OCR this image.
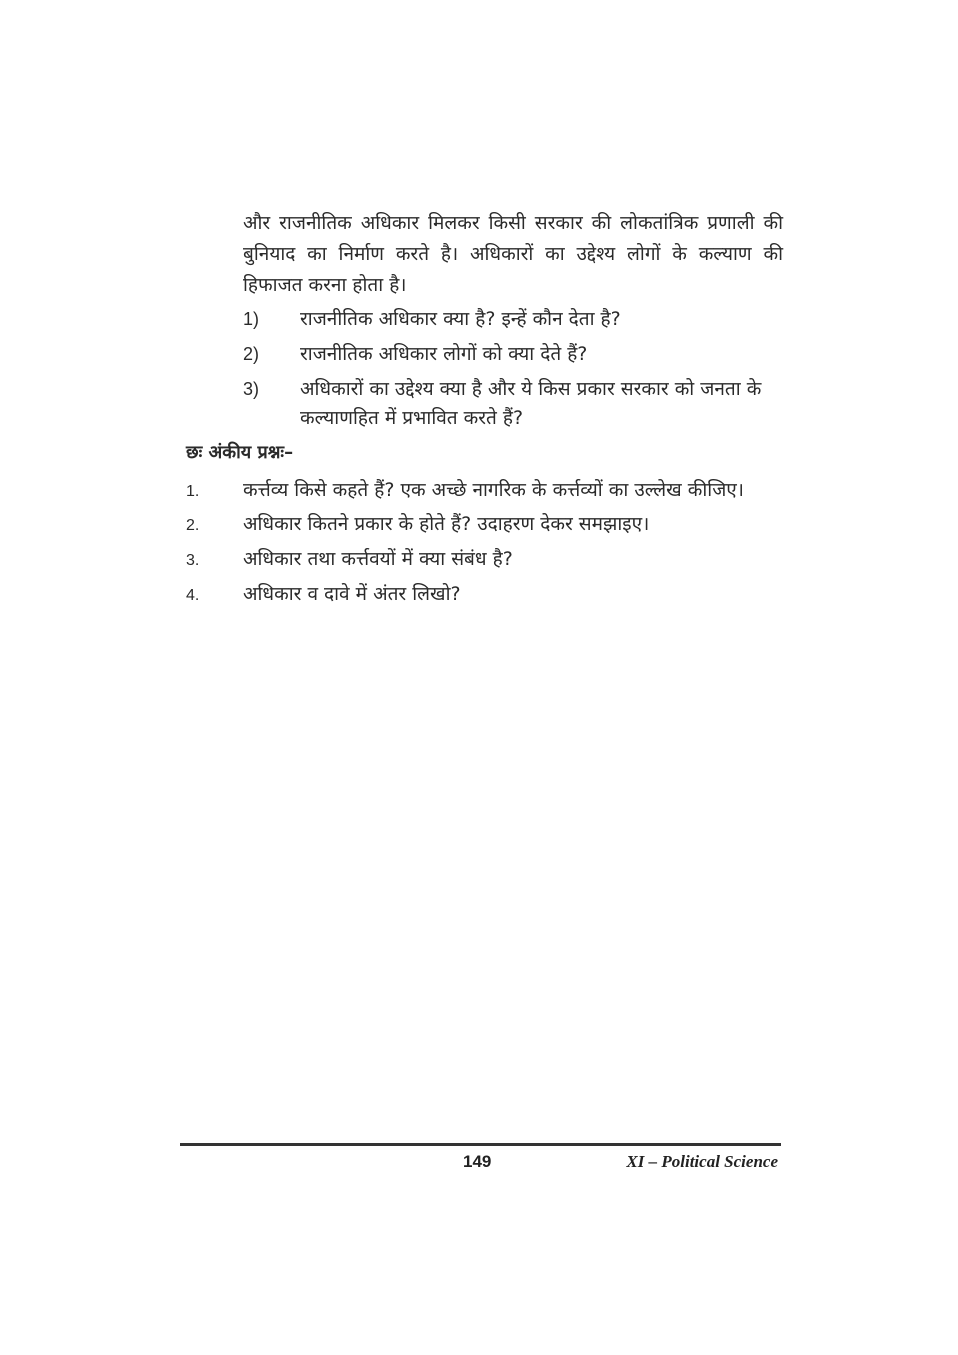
और राजनीतिक अधिकार मिलकर किसी सरकार की लोकतांत्रिक प्रणाली की बुनियाद का निर्माण करते है। अधिकारों का उद्देश्य लोगों के कल्याण की हिफाजत करना होता है।

1) राजनीतिक अधिकार क्या है? इन्हें कौन देता है?
2) राजनीतिक अधिकार लोगों को क्या देते हैं?
3) अधिकारों का उद्देश्य क्या है और ये किस प्रकार सरकार को जनता के कल्याणहित में प्रभावित करते हैं?
छः अंकीय प्रश्नः–
1. कर्त्तव्य किसे कहते हैं? एक अच्छे नागरिक के कर्त्तव्यों का उल्लेख कीजिए।
2. अधिकार कितने प्रकार के होते हैं? उदाहरण देकर समझाइए।
3. अधिकार तथा कर्त्तवयों में क्या संबंध है?
4. अधिकार व दावे में अंतर लिखो?
149	XI – Political Science
